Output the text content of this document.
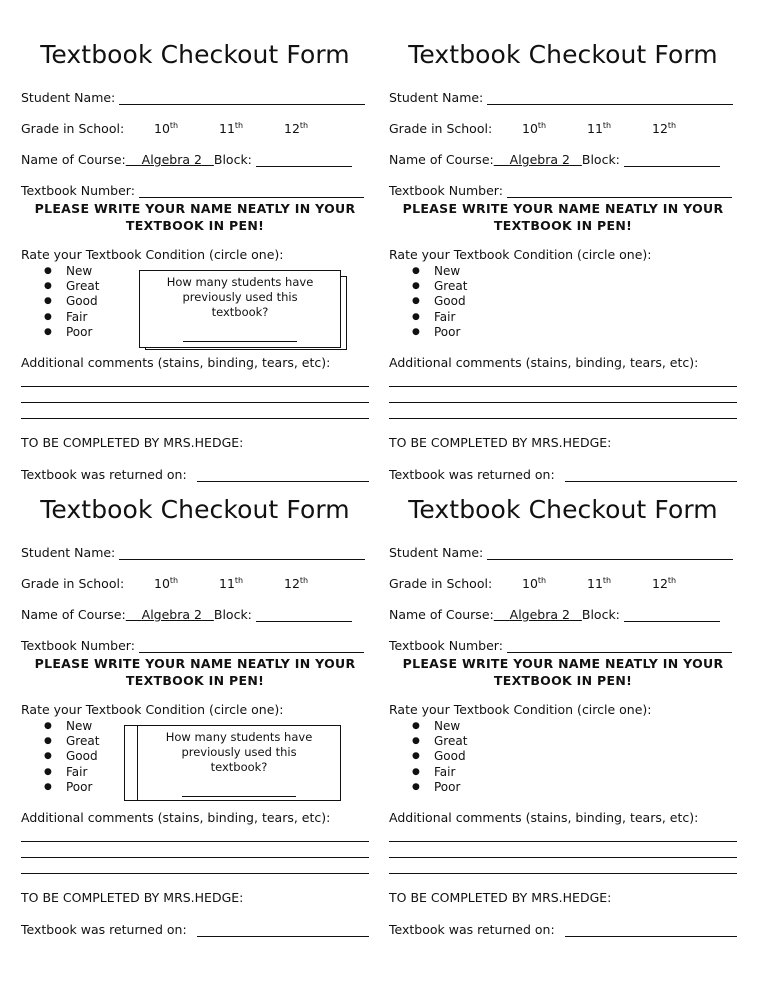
Textbook Checkout Form
Student Name:
Grade in School: 10th	11th	12th
Name of Course:	Algebra 2 Block:
Textbook Number:
PLEASE WRITE YOUR NAME NEATLY IN YOUR TEXTBOOK IN PEN!
Rate your Textbook Condition (circle one):
● New
● Great
● Good
● Fair
● Poor
How many students have previously used this textbook?
Additional comments (stains, binding, tears, etc):
TO BE COMPLETED BY MRS.HEDGE:
Textbook was returned on:
Textbook Checkout Form
Student Name:
Grade in School: 10th	11th	12th
Name of Course:	Algebra 2 Block:
Textbook Number:
PLEASE WRITE YOUR NAME NEATLY IN YOUR TEXTBOOK IN PEN!
Rate your Textbook Condition (circle one):
● New
● Great
● Good
● Fair
● Poor
Additional comments (stains, binding, tears, etc):
TO BE COMPLETED BY MRS.HEDGE:
Textbook was returned on:
Textbook Checkout Form
Student Name:
Grade in School: 10th	11th	12th
Name of Course:	Algebra 2 Block:
Textbook Number:
PLEASE WRITE YOUR NAME NEATLY IN YOUR TEXTBOOK IN PEN!
Rate your Textbook Condition (circle one):
● New
● Great
● Good
● Fair
● Poor
How many students have previously used this textbook?
Additional comments (stains, binding, tears, etc):
TO BE COMPLETED BY MRS.HEDGE:
Textbook was returned on:
Textbook Checkout Form
Student Name:
Grade in School: 10th	11th	12th
Name of Course:	Algebra 2 Block:
Textbook Number:
PLEASE WRITE YOUR NAME NEATLY IN YOUR TEXTBOOK IN PEN!
Rate your Textbook Condition (circle one):
● New
● Great
● Good
● Fair
● Poor
Additional comments (stains, binding, tears, etc):
TO BE COMPLETED BY MRS.HEDGE:
Textbook was returned on:
